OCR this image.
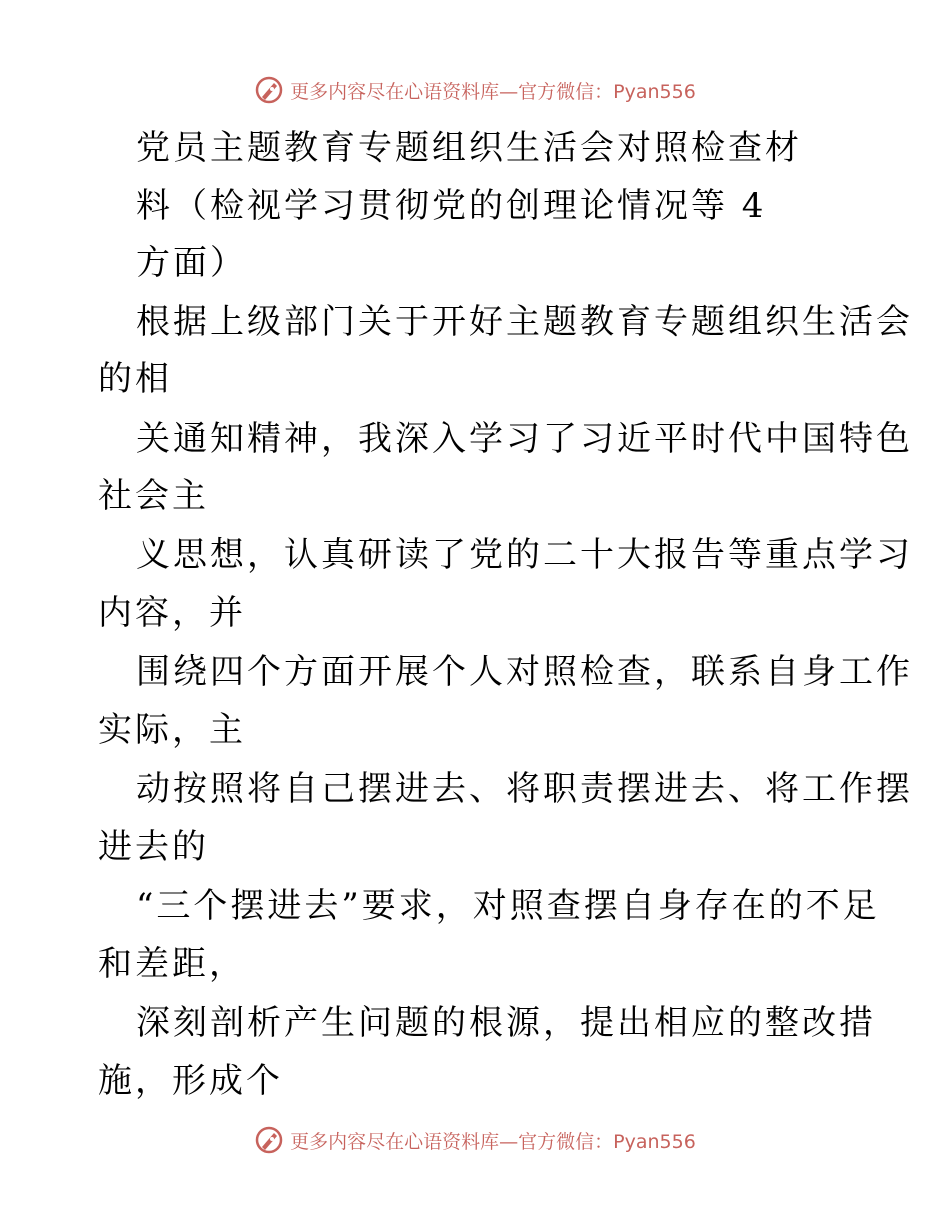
更多内容尽在心语资料库—官方微信：Pyan556
党员主题教育专题组织生活会对照检查材
料（检视学习贯彻党的创理论情况等 4
方面）
根据上级部门关于开好主题教育专题组织生活会
的相
关通知精神，我深入学习了习近平时代中国特色
社会主
义思想，认真研读了党的二十大报告等重点学习
内容，并
围绕四个方面开展个人对照检查，联系自身工作
实际，主
动按照将自己摆进去、将职责摆进去、将工作摆
进去的
“三个摆进去”要求，对照查摆自身存在的不足
和差距，
深刻剖析产生问题的根源，提出相应的整改措
施，形成个
更多内容尽在心语资料库—官方微信：Pyan556
